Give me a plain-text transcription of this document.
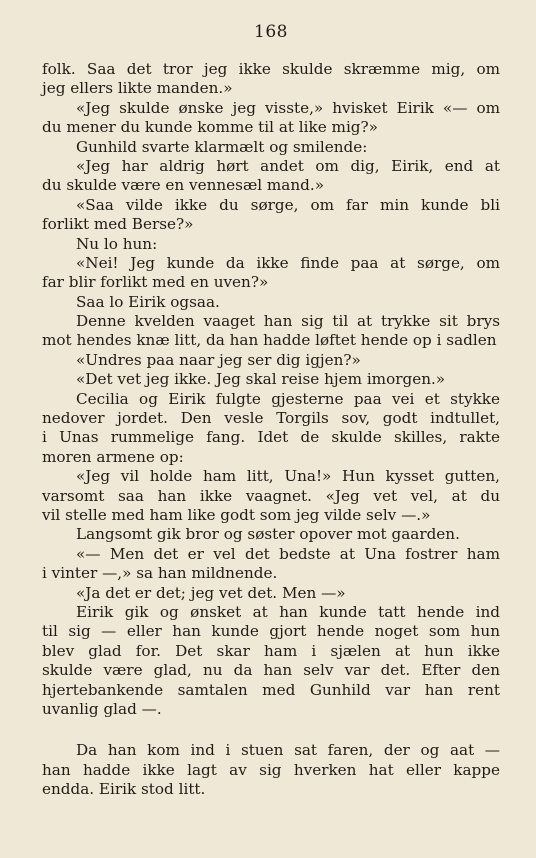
168
folk. Saa det tror jeg ikke skulde skræmme mig, om
jeg ellers likte manden.»
«Jeg skulde ønske jeg visste,» hvisket Eirik «— om
du mener du kunde komme til at like mig?»
Gunhild svarte klarmælt og smilende:
«Jeg har aldrig hørt andet om dig, Eirik, end at
du skulde være en vennesæl mand.»
«Saa vilde ikke du sørge, om far min kunde bli
forlikt med Berse?»
Nu lo hun:
«Nei! Jeg kunde da ikke finde paa at sørge, om
far blir forlikt med en uven?»
Saa lo Eirik ogsaa.
Denne kvelden vaaget han sig til at trykke sit brys
mot hendes knæ litt, da han hadde løftet hende op i sadlen
«Undres paa naar jeg ser dig igjen?»
«Det vet jeg ikke. Jeg skal reise hjem imorgen.»
Cecilia og Eirik fulgte gjesterne paa vei et stykke
nedover jordet. Den vesle Torgils sov, godt indtullet,
i Unas rummelige fang. Idet de skulde skilles, rakte
moren armene op:
«Jeg vil holde ham litt, Una!» Hun kysset gutten,
varsomt saa han ikke vaagnet. «Jeg vet vel, at du
vil stelle med ham like godt som jeg vilde selv —.»
Langsomt gik bror og søster opover mot gaarden.
«— Men det er vel det bedste at Una fostrer ham
i vinter —,» sa han mildnende.
«Ja det er det; jeg vet det. Men —»
Eirik gik og ønsket at han kunde tatt hende ind
til sig — eller han kunde gjort hende noget som hun
blev glad for. Det skar ham i sjælen at hun ikke
skulde være glad, nu da han selv var det. Efter den
hjertebankende samtalen med Gunhild var han rent
uvanlig glad —.
Da han kom ind i stuen sat faren, der og aat —
han hadde ikke lagt av sig hverken hat eller kappe
endda. Eirik stod litt.
